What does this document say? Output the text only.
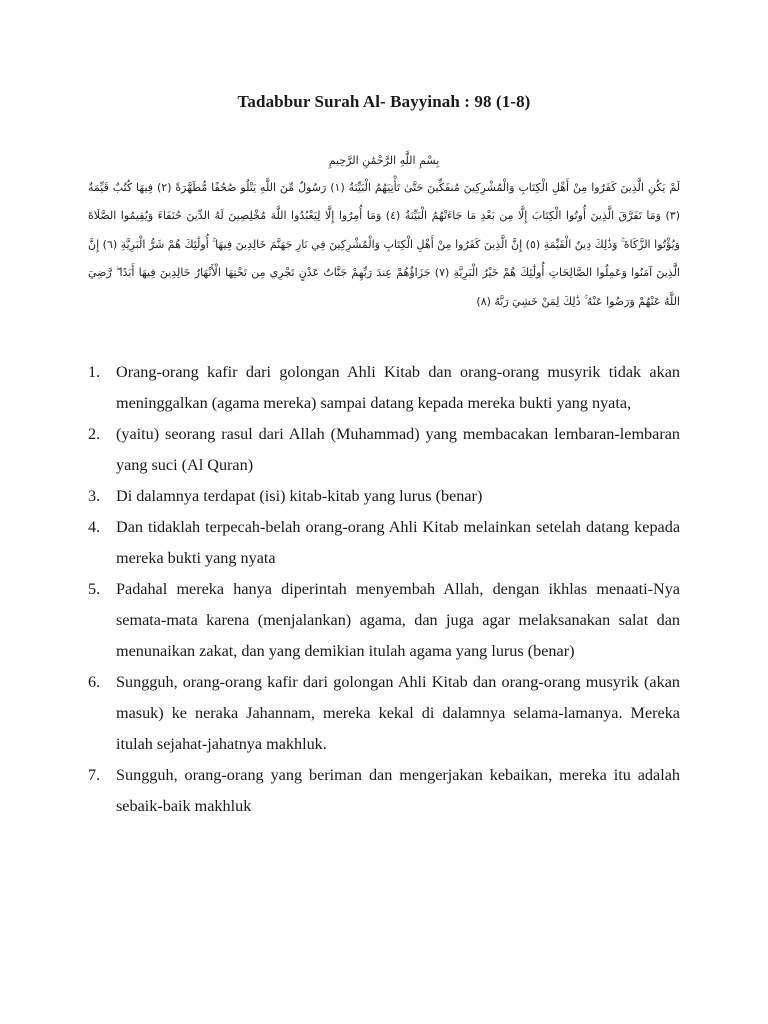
Tadabbur Surah Al- Bayyinah : 98 (1-8)
بِسْمِ اللَّهِ الرَّحْمَٰنِ الرَّحِيمِ
لَمْ يَكُنِ الَّذِينَ كَفَرُوا مِنْ أَهْلِ الْكِتَابِ وَالْمُشْرِكِينَ مُنفَكِّينَ حَتَّىٰ تَأْتِيَهُمُ الْبَيِّنَةُ (١) رَسُولٌ مِّنَ اللَّهِ يَتْلُو صُحُفًا مُّطَهَّرَةً (٢) فِيهَا كُتُبٌ قَيِّمَةٌ (٣) وَمَا تَفَرَّقَ الَّذِينَ أُوتُوا الْكِتَابَ إِلَّا مِن بَعْدِ مَا جَاءَتْهُمُ الْبَيِّنَةُ (٤) وَمَا أُمِرُوا إِلَّا لِيَعْبُدُوا اللَّهَ مُخْلِصِينَ لَهُ الدِّينَ حُنَفَاءَ وَيُقِيمُوا الصَّلَاةَ وَيُؤْتُوا الزَّكَاةَ ۚ وَذَٰلِكَ دِينُ الْقَيِّمَةِ (٥) إِنَّ الَّذِينَ كَفَرُوا مِنْ أَهْلِ الْكِتَابِ وَالْمُشْرِكِينَ فِي نَارِ جَهَنَّمَ خَالِدِينَ فِيهَا ۚ أُولَٰئِكَ هُمْ شَرُّ الْبَرِيَّةِ (٦) إِنَّ الَّذِينَ آمَنُوا وَعَمِلُوا الصَّالِحَاتِ أُولَٰئِكَ هُمْ خَيْرُ الْبَرِيَّةِ (٧) جَزَاؤُهُمْ عِندَ رَبِّهِمْ جَنَّاتُ عَدْنٍ تَجْرِي مِن تَحْتِهَا الْأَنْهَارُ خَالِدِينَ فِيهَا أَبَدًا ۖ رَّضِيَ اللَّهُ عَنْهُمْ وَرَضُوا عَنْهُ ۚ ذَٰلِكَ لِمَنْ خَشِيَ رَبَّهُ (٨)
1. Orang-orang kafir dari golongan Ahli Kitab dan orang-orang musyrik tidak akan meninggalkan (agama mereka) sampai datang kepada mereka bukti yang nyata,
2. (yaitu) seorang rasul dari Allah (Muhammad) yang membacakan lembaran-lembaran yang suci (Al Quran)
3. Di dalamnya terdapat (isi) kitab-kitab yang lurus (benar)
4. Dan tidaklah terpecah-belah orang-orang Ahli Kitab melainkan setelah datang kepada mereka bukti yang nyata
5. Padahal mereka hanya diperintah menyembah Allah, dengan ikhlas menaati-Nya semata-mata karena (menjalankan) agama, dan juga agar melaksanakan salat dan menunaikan zakat, dan yang demikian itulah agama yang lurus (benar)
6. Sungguh, orang-orang kafir dari golongan Ahli Kitab dan orang-orang musyrik (akan masuk) ke neraka Jahannam, mereka kekal di dalamnya selama-lamanya. Mereka itulah sejahat-jahatnya makhluk.
7. Sungguh, orang-orang yang beriman dan mengerjakan kebaikan, mereka itu adalah sebaik-baik makhluk
